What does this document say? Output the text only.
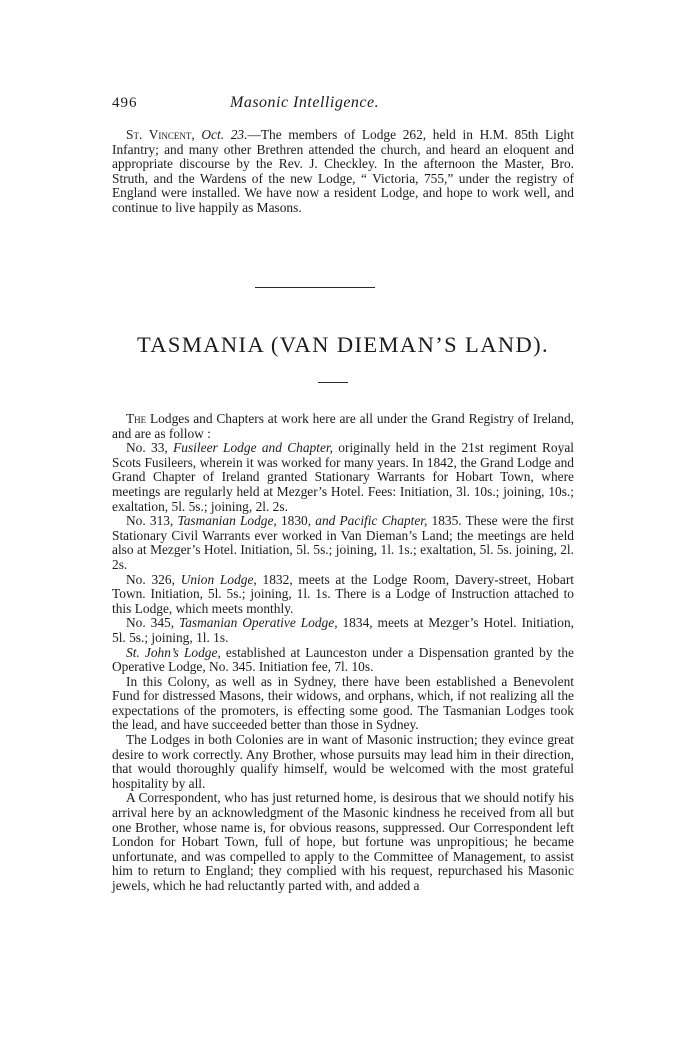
496	Masonic Intelligence.

St. Vincent, Oct. 23.—The members of Lodge 262, held in H.M. 85th Light Infantry; and many other Brethren attended the church, and heard an eloquent and appropriate discourse by the Rev. J. Checkley. In the afternoon the Master, Bro. Struth, and the Wardens of the new Lodge, “ Victoria, 755,” under the registry of England were installed. We have now a resident Lodge, and hope to work well, and continue to live happily as Masons.

TASMANIA (VAN DIEMAN’S LAND).

The Lodges and Chapters at work here are all under the Grand Registry of Ireland, and are as follow :

No. 33, Fusileer Lodge and Chapter, originally held in the 21st regiment Royal Scots Fusileers, wherein it was worked for many years. In 1842, the Grand Lodge and Grand Chapter of Ireland granted Stationary Warrants for Hobart Town, where meetings are regularly held at Mezger’s Hotel. Fees: Initiation, 3l. 10s.; joining, 10s.; exaltation, 5l. 5s.; joining, 2l. 2s.

No. 313, Tasmanian Lodge, 1830, and Pacific Chapter, 1835. These were the first Stationary Civil Warrants ever worked in Van Dieman’s Land; the meetings are held also at Mezger’s Hotel. Initiation, 5l. 5s.; joining, 1l. 1s.; exaltation, 5l. 5s. joining, 2l. 2s.

No. 326, Union Lodge, 1832, meets at the Lodge Room, Davery-street, Hobart Town. Initiation, 5l. 5s.; joining, 1l. 1s. There is a Lodge of Instruction attached to this Lodge, which meets monthly.

No. 345, Tasmanian Operative Lodge, 1834, meets at Mezger’s Hotel. Initiation, 5l. 5s.; joining, 1l. 1s.

St. John’s Lodge, established at Launceston under a Dispensation granted by the Operative Lodge, No. 345. Initiation fee, 7l. 10s.

In this Colony, as well as in Sydney, there have been established a Benevolent Fund for distressed Masons, their widows, and orphans, which, if not realizing all the expectations of the promoters, is effecting some good. The Tasmanian Lodges took the lead, and have succeeded better than those in Sydney.

The Lodges in both Colonies are in want of Masonic instruction; they evince great desire to work correctly. Any Brother, whose pursuits may lead him in their direction, that would thoroughly qualify himself, would be welcomed with the most grateful hospitality by all.

A Correspondent, who has just returned home, is desirous that we should notify his arrival here by an acknowledgment of the Masonic kindness he received from all but one Brother, whose name is, for obvious reasons, suppressed. Our Correspondent left London for Hobart Town, full of hope, but fortune was unpropitious; he became unfortunate, and was compelled to apply to the Committee of Management, to assist him to return to England; they complied with his request, repurchased his Masonic jewels, which he had reluctantly parted with, and added a
